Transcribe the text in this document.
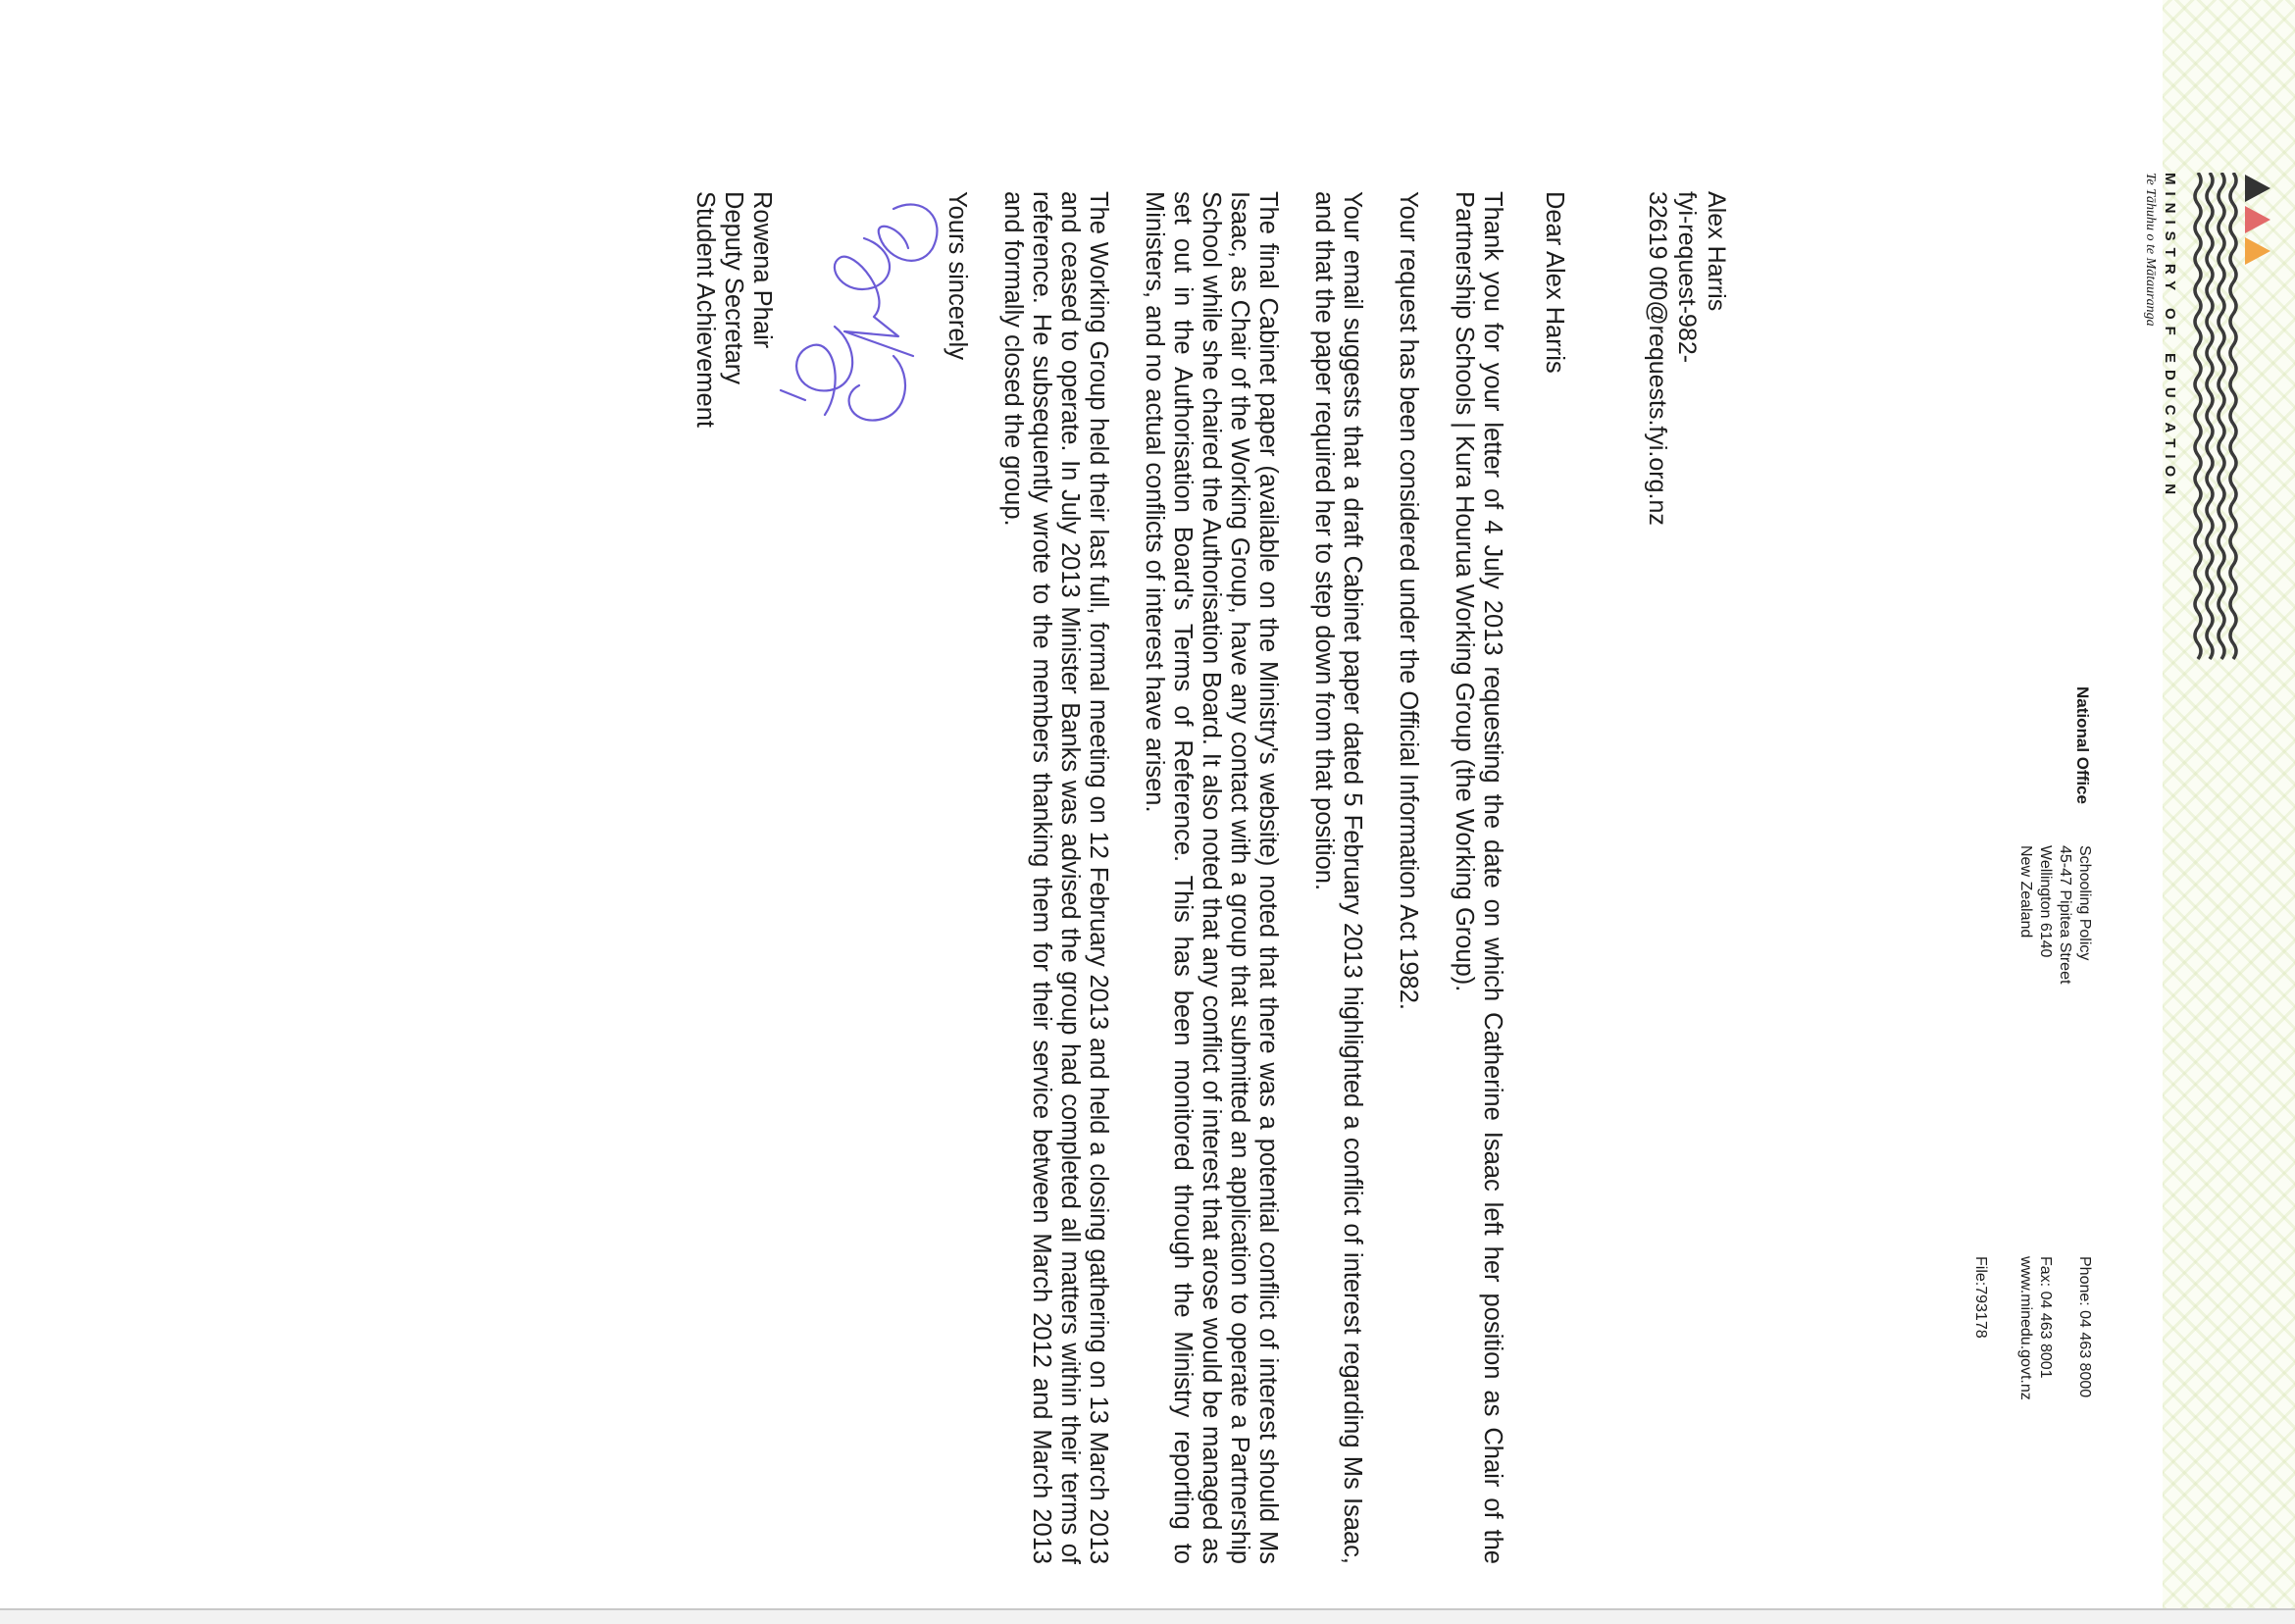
MINISTRY OF EDUCATION
Te Tāhuhu o te Mātauranga
National Office
Schooling Policy
45-47 Pipitea Street
Wellington 6140
New Zealand
Phone: 04 463 8000
Fax: 04 463 8001
www.minedu.govt.nz
File:793178
Alex Harris
fyi-request-982-
32619 0f0@requests.fyi.org.nz

Dear Alex Harris

Thank you for your letter of 4 July 2013 requesting the date on which Catherine Isaac left her position as Chair of the Partnership Schools | Kura Hourua Working Group (the Working Group).

Your request has been considered under the Official Information Act 1982.

Your email suggests that a draft Cabinet paper dated 5 February 2013 highlighted a conflict of interest regarding Ms Isaac, and that the paper required her to step down from that position.

The final Cabinet paper (available on the Ministry's website) noted that there was a potential conflict of interest should Ms Isaac, as Chair of the Working Group, have any contact with a group that submitted an application to operate a Partnership School while she chaired the Authorisation Board. It also noted that any conflict of interest that arose would be managed as set out in the Authorisation Board's Terms of Reference. This has been monitored through the Ministry reporting to Ministers, and no actual conflicts of interest have arisen.

The Working Group held their last full, formal meeting on 12 February 2013 and held a closing gathering on 13 March 2013 and ceased to operate. In July 2013 Minister Banks was advised the group had completed all matters within their terms of reference. He subsequently wrote to the members thanking them for their service between March 2012 and March 2013 and formally closed the group.

Yours sincerely
Rowena Phair
Deputy Secretary
Student Achievement
